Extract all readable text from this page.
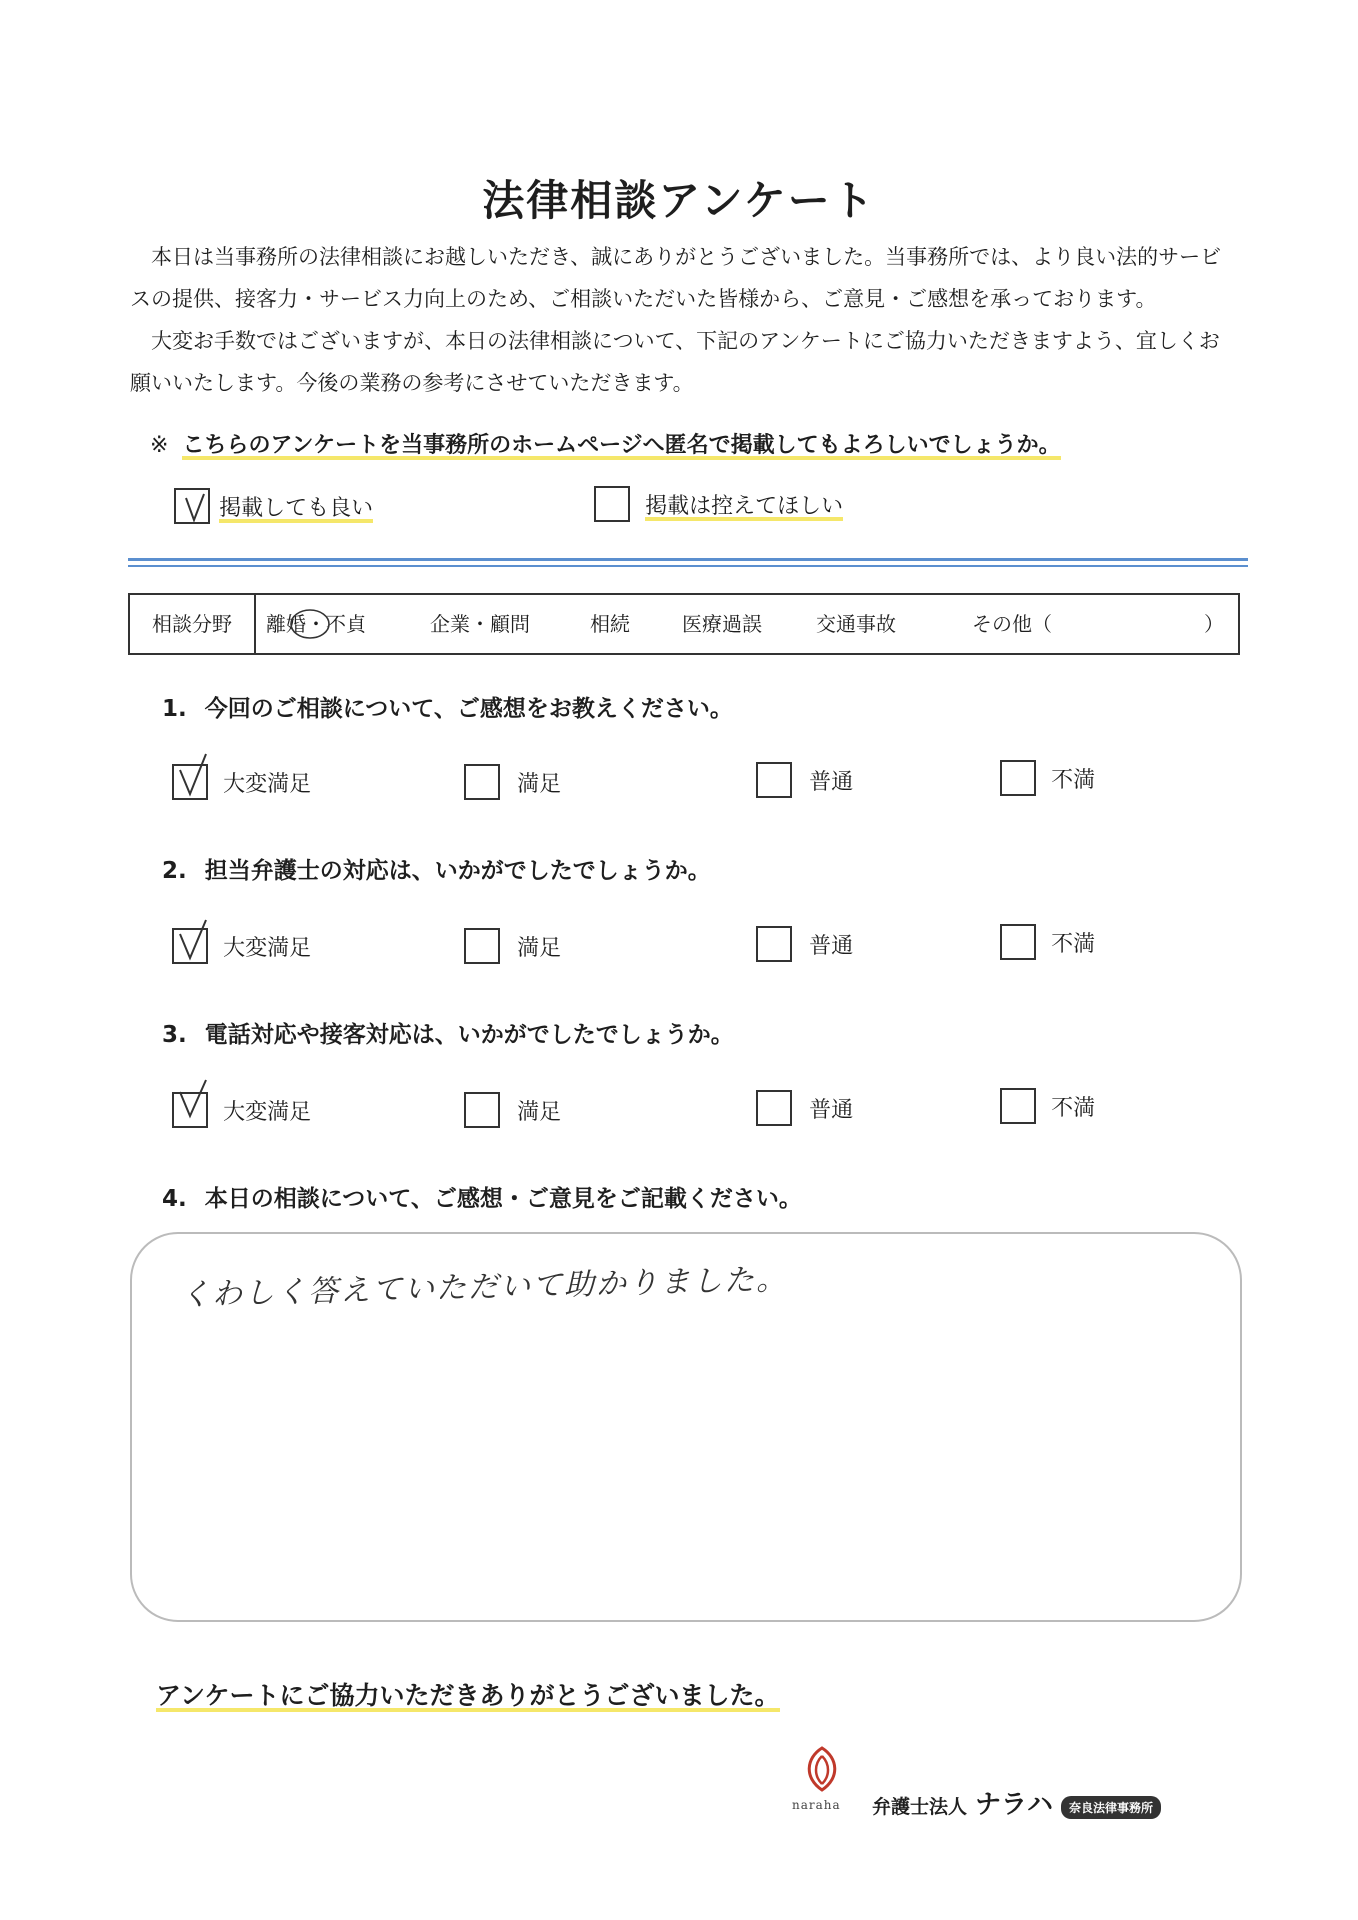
法律相談アンケート

本日は当事務所の法律相談にお越しいただき、誠にありがとうございました。当事務所では、より良い法的サービスの提供、接客力・サービス力向上のため、ご相談いただいた皆様から、ご意見・ご感想を承っております。

大変お手数ではございますが、本日の法律相談について、下記のアンケートにご協力いただきますよう、宜しくお願いいたします。今後の業務の参考にさせていただきます。

※ こちらのアンケートを当事務所のホームページへ匿名で掲載してもよろしいでしょうか。
掲載しても良い	掲載は控えてほしい
相談分野	離婚・不貞	企業・顧問	相続	医療過誤	交通事故	その他（	）
1. 今回のご相談について、ご感想をお教えください。
大変満足	満足	普通	不満
2. 担当弁護士の対応は、いかがでしたでしょうか。
大変満足	満足	普通	不満
3. 電話対応や接客対応は、いかがでしたでしょうか。
大変満足	満足	普通	不満
4. 本日の相談について、ご感想・ご意見をご記載ください。
くわしく答えていただいて助かりました。
アンケートにご協力いただきありがとうございました。
naraha 弁護士法人 ナラハ 奈良法律事務所
